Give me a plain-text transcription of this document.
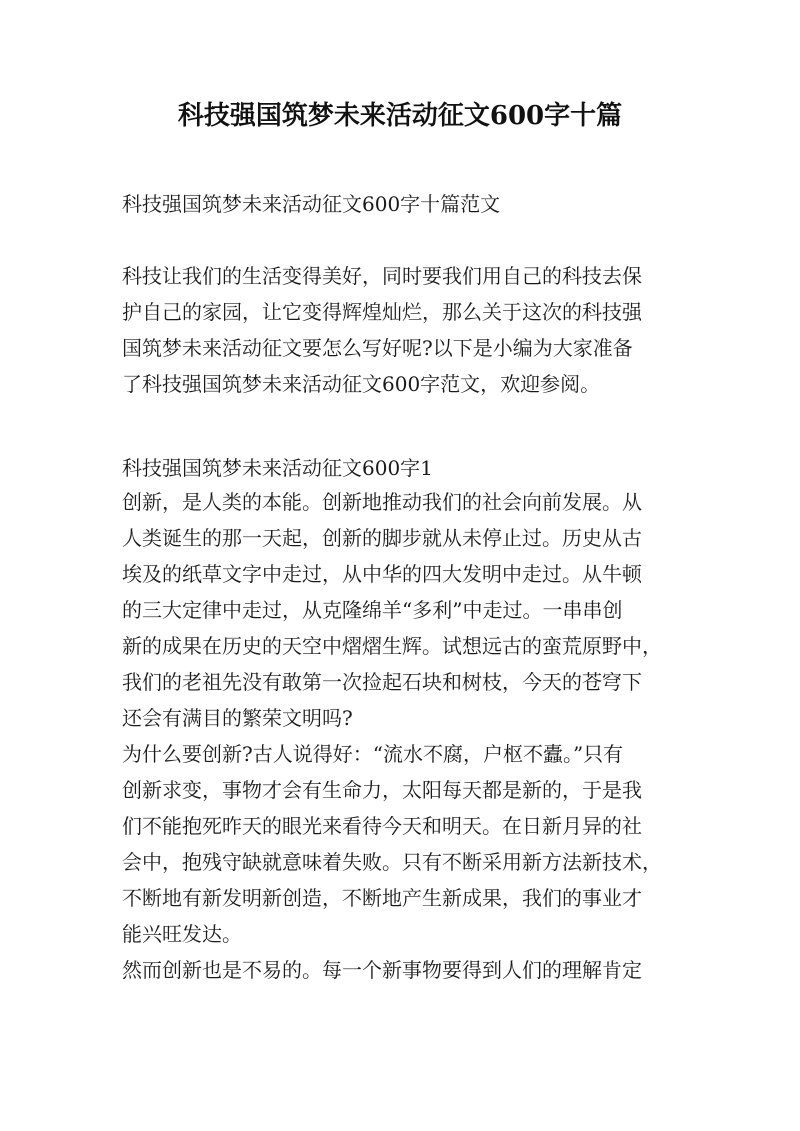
科技强国筑梦未来活动征文600字十篇
科技强国筑梦未来活动征文600字十篇范文
科技让我们的生活变得美好，同时要我们用自己的科技去保
护自己的家园，让它变得辉煌灿烂，那么关于这次的科技强
国筑梦未来活动征文要怎么写好呢?以下是小编为大家准备
了科技强国筑梦未来活动征文600字范文，欢迎参阅。
科技强国筑梦未来活动征文600字1
创新，是人类的本能。创新地推动我们的社会向前发展。从
人类诞生的那一天起，创新的脚步就从未停止过。历史从古
埃及的纸草文字中走过，从中华的四大发明中走过。从牛顿
的三大定律中走过，从克隆绵羊“多利”中走过。一串串创
新的成果在历史的天空中熠熠生辉。试想远古的蛮荒原野中，
我们的老祖先没有敢第一次捡起石块和树枝，今天的苍穹下
还会有满目的繁荣文明吗?
为什么要创新?古人说得好：“流水不腐，户枢不蠹。”只有
创新求变，事物才会有生命力，太阳每天都是新的，于是我
们不能抱死昨天的眼光来看待今天和明天。在日新月异的社
会中，抱残守缺就意味着失败。只有不断采用新方法新技术，
不断地有新发明新创造，不断地产生新成果，我们的事业才
能兴旺发达。
然而创新也是不易的。每一个新事物要得到人们的理解肯定
